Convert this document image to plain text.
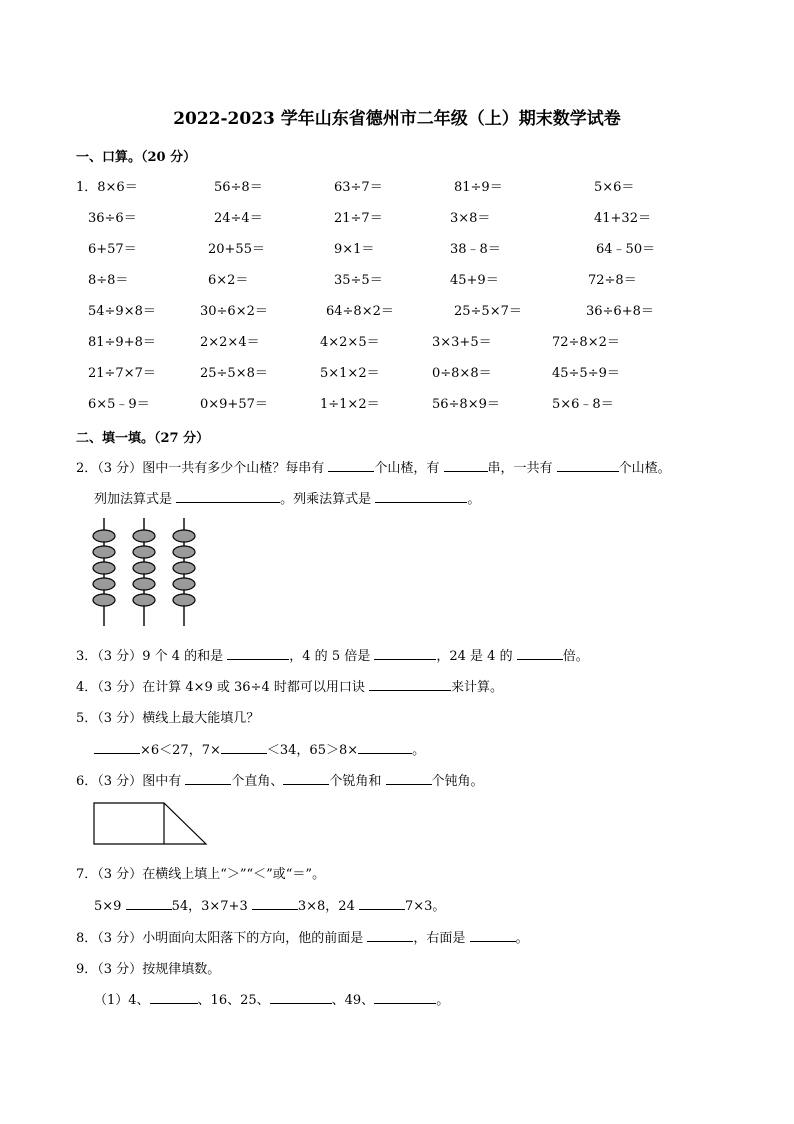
2022-2023 学年山东省德州市二年级（上）期末数学试卷
一、口算。（20 分）
1．8×6＝	56÷8＝	63÷7＝	81÷9＝	5×6＝
36÷6＝	24÷4＝	21÷7＝	3×8＝	41+32＝
6+57＝	20+55＝	9×1＝	38﹣8＝	64﹣50＝
8÷8＝	6×2＝	35÷5＝	45+9＝	72÷8＝
54÷9×8＝	30÷6×2＝	64÷8×2＝	25÷5×7＝	36÷6+8＝
81÷9+8＝	2×2×4＝	4×2×5＝	3×3+5＝	72÷8×2＝
21÷7×7＝	25÷5×8＝	5×1×2＝	0÷8×8＝	45÷5÷9＝
6×5﹣9＝	0×9+57＝	1÷1×2＝	56÷8×9＝	5×6﹣8＝
二、填一填。（27 分）
2．（3 分）图中一共有多少个山楂？每串有	个山楂，有	串，一共有	个山楂。
列加法算式是	。列乘法算式是	。
3．（3 分）9 个 4 的和是	，4 的 5 倍是	，24 是 4 的	倍。
4．（3 分）在计算 4×9 或 36÷4 时都可以用口诀	来计算。
5．（3 分）横线上最大能填几？
×6＜27，7×	＜34，65＞8×	。
6．（3 分）图中有	个直角、	个锐角和	个钝角。
7．（3 分）在横线上填上“＞”“＜”或“＝”。
5×9	54，3×7+3	3×8，24	7×3。
8．（3 分）小明面向太阳落下的方向，他的前面是	，右面是	。
9．（3 分）按规律填数。
（1）4、	、16、25、	、49、	。
